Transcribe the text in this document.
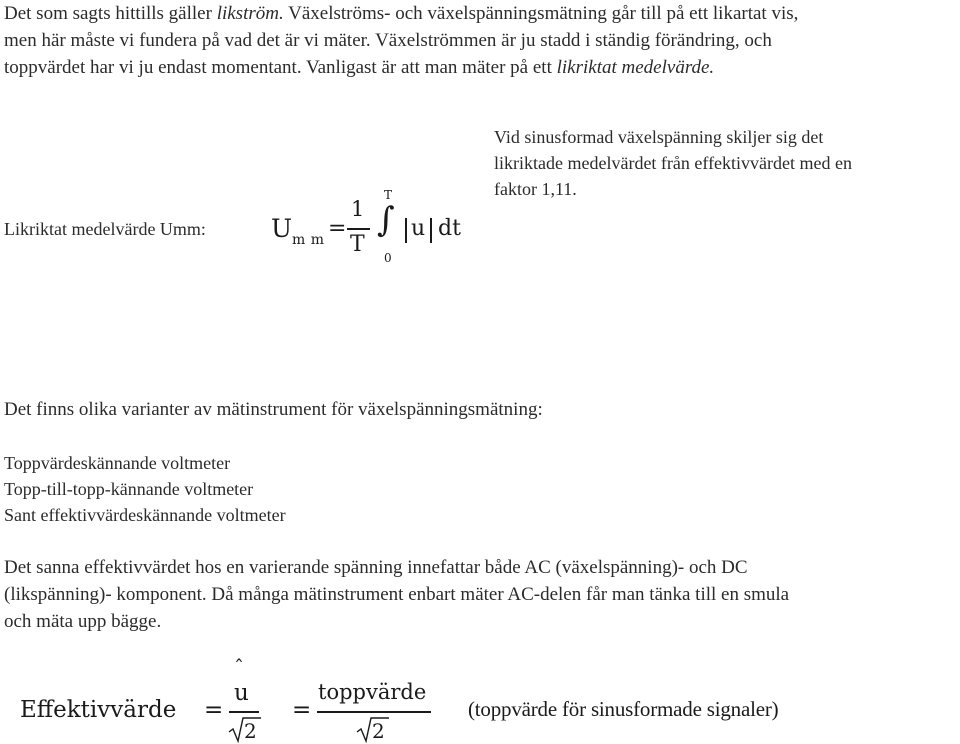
Det som sagts hittills gäller likström. Växelströms- och växelspänningsmätning går till på ett likartat vis,
men här måste vi fundera på vad det är vi mäter. Växelströmmen är ju stadd i ständig förändring, och
toppvärdet har vi ju endast momentant. Vanligast är att man mäter på ett likriktat medelvärde.
Likriktat medelvärde Umm:	U m m =
1
T
T
∫
0
u dt
Vid sinusformad växelspänning skiljer sig det
likriktade medelvärdet från effektivvärdet med en
faktor 1,11.
Det finns olika varianter av mätinstrument för växelspänningsmätning:
Toppvärdeskännande voltmeter
Topp-till-topp-kännande voltmeter
Sant effektivvärdeskännande voltmeter
Det sanna effektivvärdet hos en varierande spänning innefattar både AC (växelspänning)- och DC
(likspänning)- komponent. Då många mätinstrument enbart mäter AC-delen får man tänka till en smula
och mäta upp bägge.
Effektivvärde =
ˆ
u
2
=
toppvärde
2
(toppvärde för sinusformade signaler)
